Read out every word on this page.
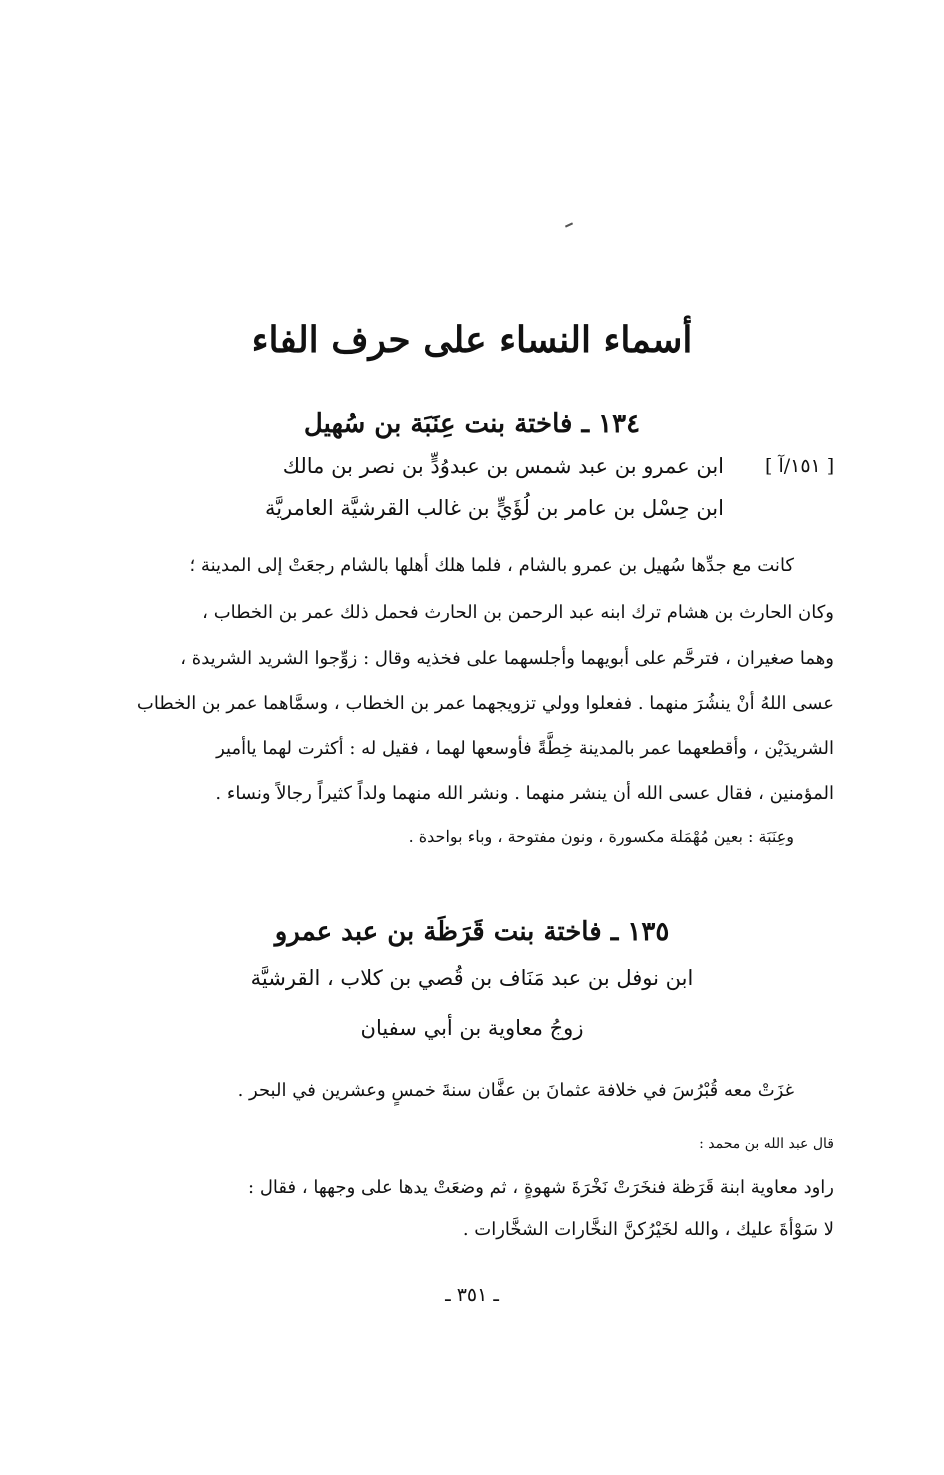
أسماء النساء على حرف الفاء
١٣٤ ـ فاختة بنت عِنَبَة بن سُهيل
[ ١٥١/آ ]
ابن عمرو بن عبد شمس بن عبدوُدٍّ بن نصر بن مالك
ابن حِسْل بن عامر بن لُؤَيٍّ بن غالب القرشيَّة العامريَّة
كانت مع جدِّها سُهيل بن عمرو بالشام ، فلما هلك أهلها بالشام رجعَتْ إلى المدينة ؛
وكان الحارث بن هشام ترك ابنه عبد الرحمن بن الحارث فحمل ذلك عمر بن الخطاب ،
وهما صغيران ، فترحَّم على أبويهما وأجلسهما على فخذيه وقال : زوِّجوا الشريد الشريدة ،
عسى اللهُ أنْ ينشُرَ منهما . ففعلوا وولي تزويجهما عمر بن الخطاب ، وسمَّاهما عمر بن الخطاب
الشريدَيْن ، وأقطعهما عمر بالمدينة خِطَّةً فأوسعها لهما ، فقيل له : أكثرت لهما ياأمير
المؤمنين ، فقال عسى الله أن ينشر منهما . ونشر الله منهما ولداً كثيراً رجالاً ونساء .
وعِنَبَة : بعين مُهْمَلة مكسورة ، ونون مفتوحة ، وباء بواحدة .
١٣٥ ـ فاختة بنت قَرَظَة بن عبد عمرو
ابن نوفل بن عبد مَنَاف بن قُصي بن كلاب ، القرشيَّة
زوجُ معاوية بن أبي سفيان
غزَتْ معه قُبْرُسَ في خلافة عثمانَ بن عفَّان سنةَ خمسٍ وعشرين في البحر .
قال عبد الله بن محمد :
راود معاوية ابنة قَرَظة فنخَرَتْ نَخْرَةَ شهوةٍ ، ثم وضعَتْ يدها على وجهها ، فقال :
لا سَوْأةَ عليك ، والله لخَيْرُكنَّ النخَّارات الشخَّارات .
ـ ٣٥١ ـ
